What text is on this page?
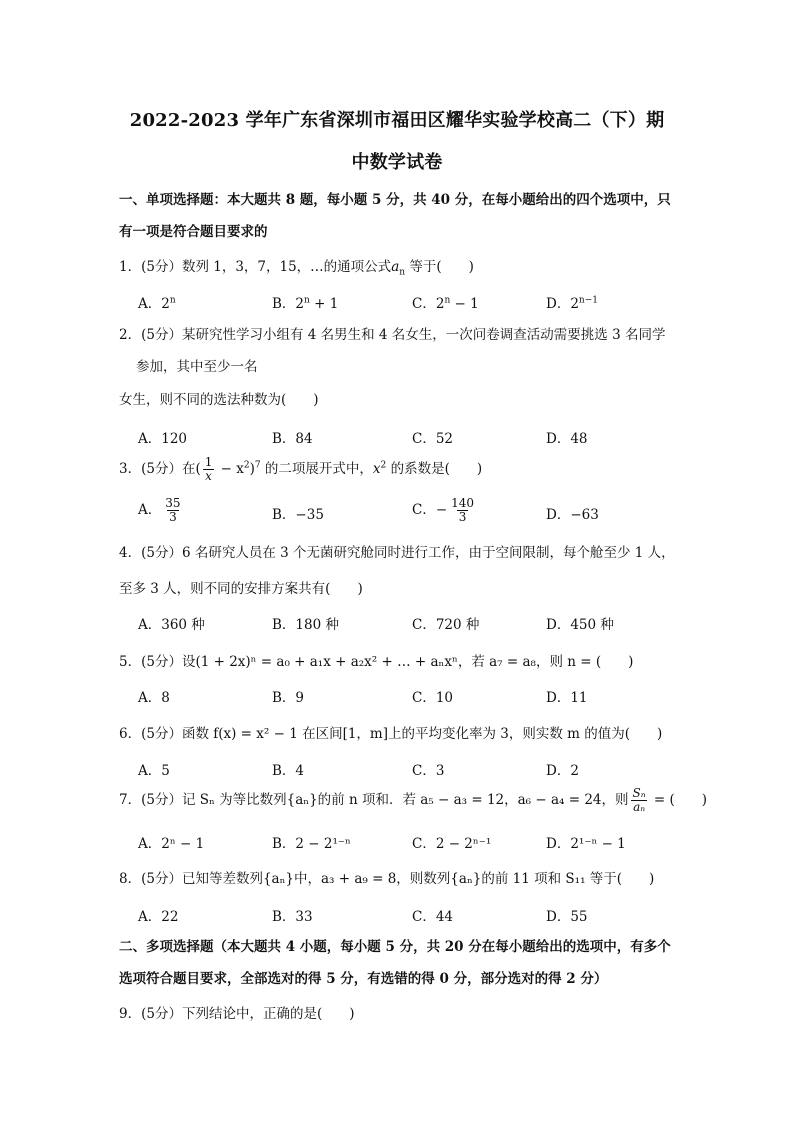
2022-2023 学年广东省深圳市福田区耀华实验学校高二（下）期
中数学试卷
一、单项选择题：本大题共 8 题，每小题 5 分，共 40 分，在每小题给出的四个选项中，只
有一项是符合题目要求的
1．(5分）数列 1，3，7，15，…的通项公式$a_n$ 等于(　　)
A．2$^n$	B．$2^n + 1$	C．$2^n - 1$	D．$2^{n-1}$
2．(5分）某研究性学习小组有 4 名男生和 4 名女生，一次问卷调查活动需要挑选 3 名同学
参加，其中至少一名
女生，则不同的选法种数为(　　)
A．120	B．84	C．52	D．48
3．(5分）在( $\frac{1}{x} - x^2)^7$ 的二项展开式中，$x^2$ 的系数是(　　)
A． $\frac{35}{3}$	B．−35	C．− $\frac{140}{3}$	D．−63
4．(5分）6 名研究人员在 3 个无菌研究舱同时进行工作，由于空间限制，每个舱至少 1 人，
至多 3 人，则不同的安排方案共有(　　)
A．360 种	B．180 种	C．720 种	D．450 种
5．(5分）设(1 + 2x)ⁿ = a₀ + a₁x + a₂x² + … + aₙxⁿ，若 a₇ = a₈，则 n = (　　)
A．8	B．9	C．10	D．11
6．(5分）函数 f(x) = x² − 1 在区间[1，m]上的平均变化率为 3，则实数 m 的值为(　　)
A．5	B．4	C．3	D．2
7．(5分）记 Sₙ 为等比数列{aₙ}的前 n 项和．若 a₅ − a₃ = 12，a₆ − a₄ = 24，则 $\frac{\text{Sₙ}}{\text{aₙ}}$ = (　　)
A．2ⁿ − 1	B．2 − 2¹⁻ⁿ	C．2 − 2ⁿ⁻¹	D．2¹⁻ⁿ − 1
8．(5分）已知等差数列{aₙ}中，a₃ + a₉ = 8，则数列{aₙ}的前 11 项和 S₁₁ 等于(　　)
A．22	B．33	C．44	D．55
二、多项选择题（本大题共 4 小题，每小题 5 分，共 20 分在每小题给出的选项中，有多个
选项符合题目要求，全部选对的得 5 分，有选错的得 0 分，部分选对的得 2 分）
9．(5分）下列结论中，正确的是(　　)
